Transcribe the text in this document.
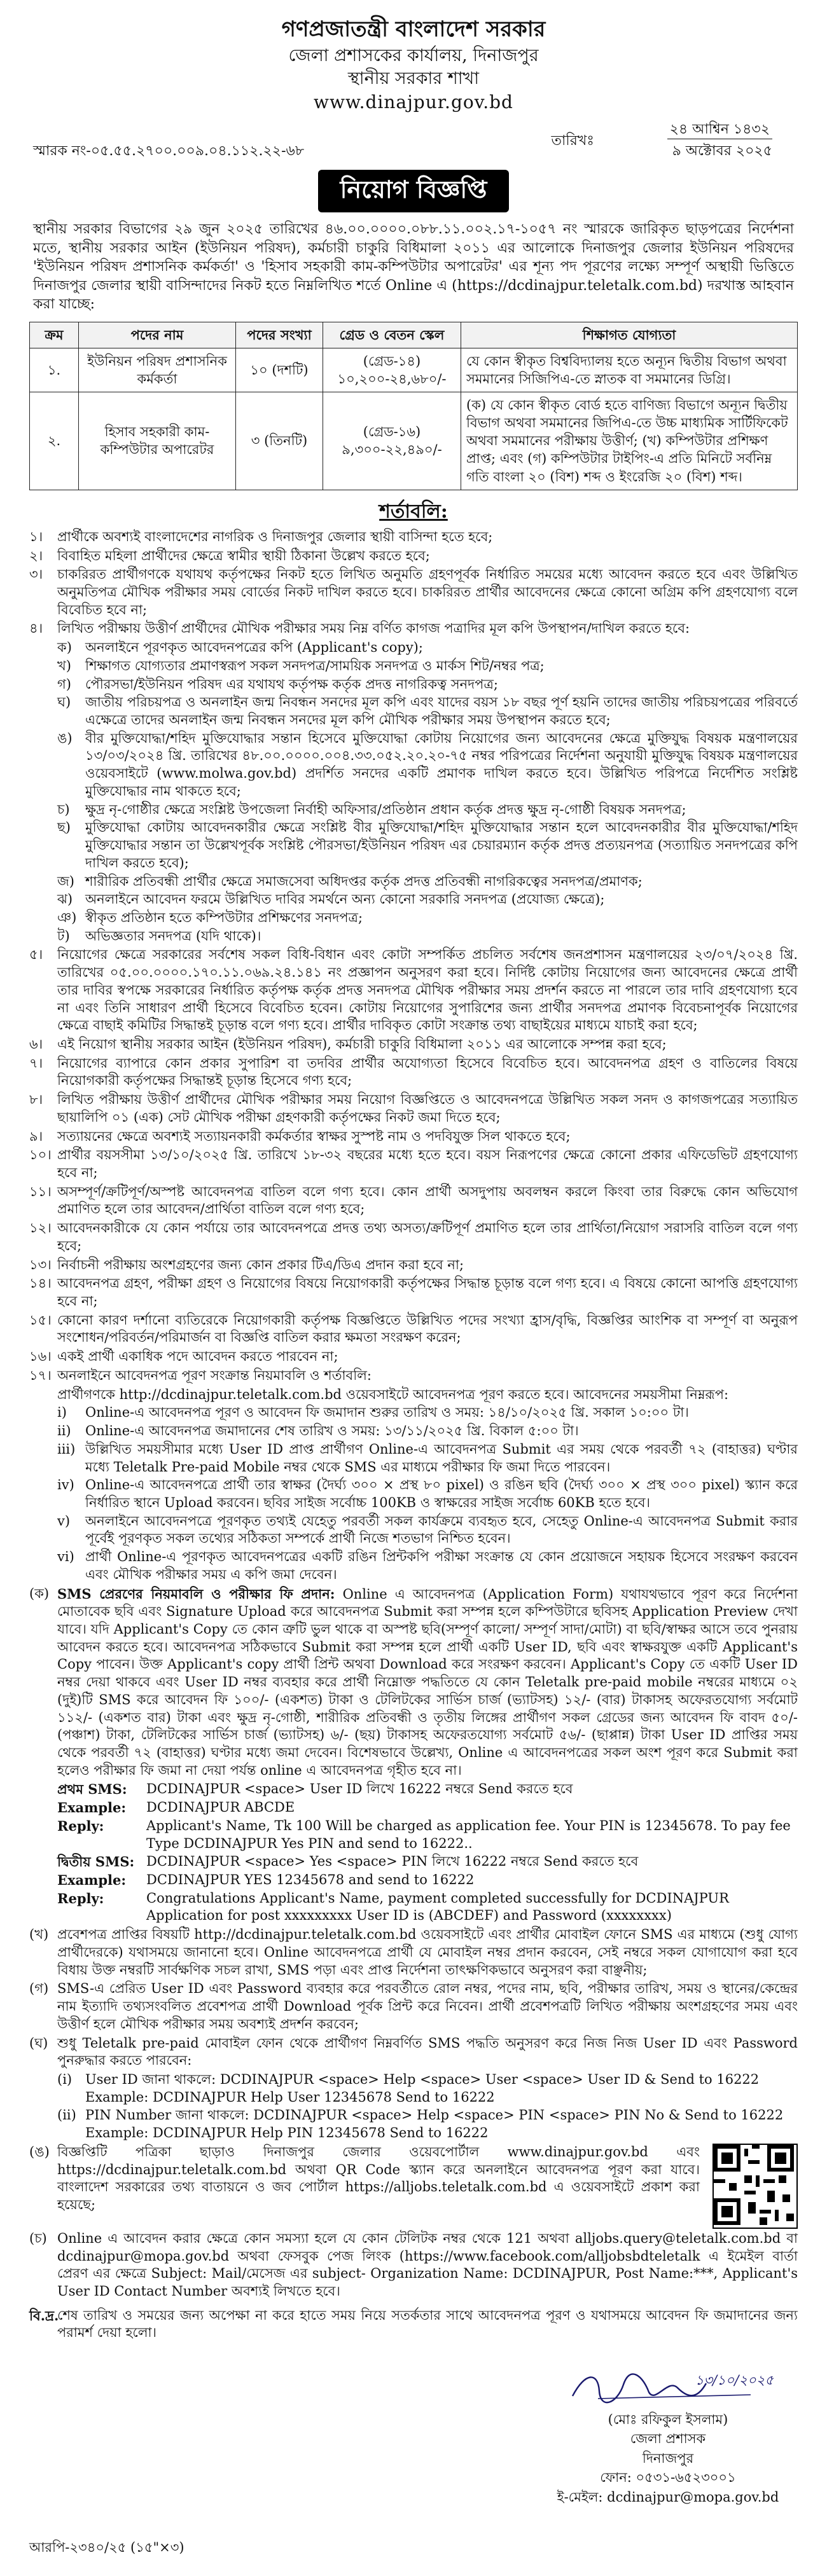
গণপ্রজাতন্ত্রী বাংলাদেশ সরকার
জেলা প্রশাসকের কার্যালয়, দিনাজপুর
স্থানীয় সরকার শাখা
www.dinajpur.gov.bd
স্মারক নং-০৫.৫৫.২৭০০.০০৯.০৪.১১২.২২-৬৮
তারিখঃ
২৪ আশ্বিন ১৪৩২
৯ অক্টোবর ২০২৫
নিয়োগ বিজ্ঞপ্তি
স্থানীয় সরকার বিভাগের ২৯ জুন ২০২৫ তারিখের ৪৬.০০.০০০০.০৮৮.১১.০০২.১৭-১০৫৭ নং স্মারকে জারিকৃত ছাড়পত্রের নির্দেশনা মতে, স্থানীয় সরকার আইন (ইউনিয়ন পরিষদ), কর্মচারী চাকুরি বিধিমালা ২০১১ এর আলোকে দিনাজপুর জেলার ইউনিয়ন পরিষদের 'ইউনিয়ন পরিষদ প্রশাসনিক কর্মকর্তা' ও 'হিসাব সহকারী কাম-কম্পিউটার অপারেটর' এর শূন্য পদ পূরণের লক্ষ্যে সম্পূর্ণ অস্থায়ী ভিত্তিতে দিনাজপুর জেলার স্থায়ী বাসিন্দাদের নিকট হতে নিম্নলিখিত শর্তে Online এ (https://dcdinajpur.teletalk.com.bd) দরখাস্ত আহবান করা যাচ্ছে:
ক্রম	পদের নাম	পদের সংখ্যা	গ্রেড ও বেতন স্কেল	শিক্ষাগত যোগ্যতা
১.	ইউনিয়ন পরিষদ প্রশাসনিক কর্মকর্তা	১০ (দশটি)	(গ্রেড-১৪) ১০,২০০-২৪,৬৮০/-	যে কোন স্বীকৃত বিশ্ববিদ্যালয় হতে অন্যূন দ্বিতীয় বিভাগ অথবা সমমানের সিজিপিএ-তে স্নাতক বা সমমানের ডিগ্রি।
২.	হিসাব সহকারী কাম-কম্পিউটার অপারেটর	৩ (তিনটি)	(গ্রেড-১৬) ৯,৩০০-২২,৪৯০/-	(ক) যে কোন স্বীকৃত বোর্ড হতে বাণিজ্য বিভাগে অন্যূন দ্বিতীয় বিভাগ অথবা সমমানের জিপিএ-তে উচ্চ মাধ্যমিক সার্টিফিকেট অথবা সমমানের পরীক্ষায় উত্তীর্ণ; (খ) কম্পিউটার প্রশিক্ষণ প্রাপ্ত; এবং (গ) কম্পিউটার টাইপিং-এ প্রতি মিনিটে সর্বনিম্ন গতি বাংলা ২০ (বিশ) শব্দ ও ইংরেজি ২০ (বিশ) শব্দ।
শর্তাবলি:
১।	প্রার্থীকে অবশ্যই বাংলাদেশের নাগরিক ও দিনাজপুর জেলার স্থায়ী বাসিন্দা হতে হবে;
২।	বিবাহিত মহিলা প্রার্থীদের ক্ষেত্রে স্বামীর স্থায়ী ঠিকানা উল্লেখ করতে হবে;
৩।	চাকরিরত প্রার্থীগণকে যথাযথ কর্তৃপক্ষের নিকট হতে লিখিত অনুমতি গ্রহণপূর্বক নির্ধারিত সময়ের মধ্যে আবেদন করতে হবে এবং উল্লিখিত অনুমতিপত্র মৌখিক পরীক্ষার সময় বোর্ডের নিকট দাখিল করতে হবে। চাকরিরত প্রার্থীর আবেদনের ক্ষেত্রে কোনো অগ্রিম কপি গ্রহণযোগ্য বলে বিবেচিত হবে না;
৪।	লিখিত পরীক্ষায় উত্তীর্ণ প্রার্থীদের মৌখিক পরীক্ষার সময় নিম্ন বর্ণিত কাগজ পত্রাদির মূল কপি উপস্থাপন/দাখিল করতে হবে:
ক)	অনলাইনে পূরণকৃত আবেদনপত্রের কপি (Applicant's copy);
খ)	শিক্ষাগত যোগ্যতার প্রমাণস্বরূপ সকল সনদপত্র/সাময়িক সনদপত্র ও মার্কস শিট/নম্বর পত্র;
গ)	পৌরসভা/ইউনিয়ন পরিষদ এর যথাযথ কর্তৃপক্ষ কর্তৃক প্রদত্ত নাগরিকত্ব সনদপত্র;
ঘ)	জাতীয় পরিচয়পত্র ও অনলাইন জন্ম নিবন্ধন সনদের মূল কপি এবং যাদের বয়স ১৮ বছর পূর্ণ হয়নি তাদের জাতীয় পরিচয়পত্রের পরিবর্তে এক্ষেত্রে তাদের অনলাইন জন্ম নিবন্ধন সনদের মূল কপি মৌখিক পরীক্ষার সময় উপস্থাপন করতে হবে;
ঙ) বীর মুক্তিযোদ্ধা/শহিদ মুক্তিযোদ্ধার সন্তান হিসেবে মুক্তিযোদ্ধা কোটায় নিয়োগের জন্য আবেদনের ক্ষেত্রে মুক্তিযুদ্ধ বিষয়ক মন্ত্রণালয়ের ১৩/০৩/২০২৪ খ্রি. তারিখের ৪৮.০০.০০০০.০০৪.৩৩.০৫২.২০.২০-৭৫ নম্বর পরিপত্রের নির্দেশনা অনুযায়ী মুক্তিযুদ্ধ বিষয়ক মন্ত্রণালয়ের ওয়েবসাইটে (www.molwa.gov.bd) প্রদর্শিত সনদের একটি প্রমাণক দাখিল করতে হবে। উল্লিখিত পরিপত্রে নির্দেশিত সংশ্লিষ্ট মুক্তিযোদ্ধার নাম থাকতে হবে;
চ)	ক্ষুদ্র নৃ-গোষ্ঠীর ক্ষেত্রে সংশ্লিষ্ট উপজেলা নির্বাহী অফিসার/প্রতিষ্ঠান প্রধান কর্তৃক প্রদত্ত ক্ষুদ্র নৃ-গোষ্ঠী বিষয়ক সনদপত্র;
ছ)	মুক্তিযোদ্ধা কোটায় আবেদনকারীর ক্ষেত্রে সংশ্লিষ্ট বীর মুক্তিযোদ্ধা/শহিদ মুক্তিযোদ্ধার সন্তান হলে আবেদনকারীর বীর মুক্তিযোদ্ধা/শহিদ মুক্তিযোদ্ধার সন্তান তা উল্লেখপূর্বক সংশ্লিষ্ট পৌরসভা/ইউনিয়ন পরিষদ এর চেয়ারম্যান কর্তৃক প্রদত্ত প্রত্যয়নপত্র (সত্যায়িত সনদপত্রের কপি দাখিল করতে হবে);
জ) শারীরিক প্রতিবন্ধী প্রার্থীর ক্ষেত্রে সমাজসেবা অধিদপ্তর কর্তৃক প্রদত্ত প্রতিবন্ধী নাগরিকত্বের সনদপত্র/প্রমাণক;
ঝ) অনলাইনে আবেদন ফরমে উল্লিখিত দাবির সমর্থনে অন্য কোনো সরকারি সনদপত্র (প্রযোজ্য ক্ষেত্রে);
ঞ) স্বীকৃত প্রতিষ্ঠান হতে কম্পিউটার প্রশিক্ষণের সনদপত্র;
ট)	অভিজ্ঞতার সনদপত্র (যদি থাকে)।
৫।	নিয়োগের ক্ষেত্রে সরকারের সর্বশেষ সকল বিধি-বিধান এবং কোটা সম্পর্কিত প্রচলিত সর্বশেষ জনপ্রশাসন মন্ত্রণালয়ের ২৩/০৭/২০২৪ খ্রি. তারিখের ০৫.০০.০০০০.১৭০.১১.০৬৯.২৪.১৪১ নং প্রজ্ঞাপন অনুসরণ করা হবে। নির্দিষ্ট কোটায় নিয়োগের জন্য আবেদনের ক্ষেত্রে প্রার্থী তার দাবির স্বপক্ষে সরকারের নির্ধারিত কর্তৃপক্ষ কর্তৃক প্রদত্ত সনদপত্র মৌখিক পরীক্ষার সময় প্রদর্শন করতে না পারলে তার দাবি গ্রহণযোগ্য হবে না এবং তিনি সাধারণ প্রার্থী হিসেবে বিবেচিত হবেন। কোটায় নিয়োগের সুপারিশের জন্য প্রার্থীর সনদপত্র প্রমাণক বিবেচনাপূর্বক নিয়োগের ক্ষেত্রে বাছাই কমিটির সিদ্ধান্তই চূড়ান্ত বলে গণ্য হবে। প্রার্থীর দাবিকৃত কোটা সংক্রান্ত তথ্য বাছাইয়ের মাধ্যমে যাচাই করা হবে;
৬।	এই নিয়োগ স্থানীয় সরকার আইন (ইউনিয়ন পরিষদ), কর্মচারী চাকুরি বিধিমালা ২০১১ এর আলোকে সম্পন্ন করা হবে;
৭।	নিয়োগের ব্যাপারে কোন প্রকার সুপারিশ বা তদবির প্রার্থীর অযোগ্যতা হিসেবে বিবেচিত হবে। আবেদনপত্র গ্রহণ ও বাতিলের বিষয়ে নিয়োগকারী কর্তৃপক্ষের সিদ্ধান্তই চূড়ান্ত হিসেবে গণ্য হবে;
৮।	লিখিত পরীক্ষায় উত্তীর্ণ প্রার্থীদের মৌখিক পরীক্ষার সময় নিয়োগ বিজ্ঞপ্তিতে ও আবেদনপত্রে উল্লিখিত সকল সনদ ও কাগজপত্রের সত্যায়িত ছায়ালিপি ০১ (এক) সেট মৌখিক পরীক্ষা গ্রহণকারী কর্তৃপক্ষের নিকট জমা দিতে হবে;
৯।	সত্যায়নের ক্ষেত্রে অবশ্যই সত্যায়নকারী কর্মকর্তার স্বাক্ষর সুস্পষ্ট নাম ও পদবিযুক্ত সিল থাকতে হবে;
১০। প্রার্থীর বয়সসীমা ১৩/১০/২০২৫ খ্রি. তারিখে ১৮-৩২ বছরের মধ্যে হতে হবে। বয়স নিরূপণের ক্ষেত্রে কোনো প্রকার এফিডেভিট গ্রহণযোগ্য হবে না;
১১। অসম্পূর্ণ/ক্রটিপূর্ণ/অস্পষ্ট আবেদনপত্র বাতিল বলে গণ্য হবে। কোন প্রার্থী অসদুপায় অবলম্বন করলে কিংবা তার বিরুদ্ধে কোন অভিযোগ প্রমাণিত হলে তার আবেদন/প্রার্থিতা বাতিল বলে গণ্য হবে;
১২। আবেদনকারীকে যে কোন পর্যায়ে তার আবেদনপত্রে প্রদত্ত তথ্য অসত্য/ক্রটিপূর্ণ প্রমাণিত হলে তার প্রার্থিতা/নিয়োগ সরাসরি বাতিল বলে গণ্য হবে;
১৩। নির্বাচনী পরীক্ষায় অংশগ্রহণের জন্য কোন প্রকার টিএ/ডিএ প্রদান করা হবে না;
১৪। আবেদনপত্র গ্রহণ, পরীক্ষা গ্রহণ ও নিয়োগের বিষয়ে নিয়োগকারী কর্তৃপক্ষের সিদ্ধান্ত চূড়ান্ত বলে গণ্য হবে। এ বিষয়ে কোনো আপত্তি গ্রহণযোগ্য হবে না;
১৫। কোনো কারণ দর্শানো ব্যতিরেকে নিয়োগকারী কর্তৃপক্ষ বিজ্ঞপ্তিতে উল্লিখিত পদের সংখ্যা হ্রাস/বৃদ্ধি, বিজ্ঞপ্তির আংশিক বা সম্পূর্ণ বা অনুরূপ সংশোধন/পরিবর্তন/পরিমার্জন বা বিজ্ঞপ্তি বাতিল করার ক্ষমতা সংরক্ষণ করেন;
১৬। একই প্রার্থী একাধিক পদে আবেদন করতে পারবেন না;
১৭। অনলাইনে আবেদনপত্র পূরণ সংক্রান্ত নিয়মাবলি ও শর্তাবলি:
প্রার্থীগণকে http://dcdinajpur.teletalk.com.bd ওয়েবসাইটে আবেদনপত্র পূরণ করতে হবে। আবেদনের সময়সীমা নিম্নরূপ:
i)	Online-এ আবেদনপত্র পূরণ ও আবেদন ফি জমাদান শুরুর তারিখ ও সময়: ১৪/১০/২০২৫ খ্রি. সকাল ১০:০০ টা।
ii)	Online-এ আবেদনপত্র জমাদানের শেষ তারিখ ও সময়: ১৩/১১/২০২৫ খ্রি. বিকাল ৫:০০ টা।
iii) উল্লিখিত সময়সীমার মধ্যে User ID প্রাপ্ত প্রার্থীগণ Online-এ আবেদনপত্র Submit এর সময় থেকে পরবর্তী ৭২ (বাহাত্তর) ঘণ্টার মধ্যে Teletalk Pre-paid Mobile নম্বর থেকে SMS এর মাধ্যমে পরীক্ষার ফি জমা দিতে পারবেন।
iv) Online-এ আবেদনপত্রে প্রার্থী তার স্বাক্ষর (দৈর্ঘ্য ৩০০ × প্রস্থ ৮০ pixel) ও রঙিন ছবি (দৈর্ঘ্য ৩০০ × প্রস্থ ৩০০ pixel) স্ক্যান করে নির্ধারিত স্থানে Upload করবেন। ছবির সাইজ সর্বোচ্চ 100KB ও স্বাক্ষরের সাইজ সর্বোচ্চ 60KB হতে হবে।
v)	অনলাইনে আবেদনপত্রে পূরণকৃত তথ্যই যেহেতু পরবর্তী সকল কার্যক্রমে ব্যবহৃত হবে, সেহেতু Online-এ আবেদনপত্র Submit করার পূর্বেই পূরণকৃত সকল তথ্যের সঠিকতা সম্পর্কে প্রার্থী নিজে শতভাগ নিশ্চিত হবেন।
vi) প্রার্থী Online-এ পূরণকৃত আবেদনপত্রের একটি রঙিন প্রিন্টকপি পরীক্ষা সংক্রান্ত যে কোন প্রয়োজনে সহায়ক হিসেবে সংরক্ষণ করবেন এবং মৌখিক পরীক্ষার সময় এ কপি জমা দেবেন।
(ক) SMS প্রেরণের নিয়মাবলি ও পরীক্ষার ফি প্রদান: Online এ আবেদনপত্র (Application Form) যথাযথভাবে পূরণ করে নির্দেশনা মোতাবেক ছবি এবং Signature Upload করে আবেদনপত্র Submit করা সম্পন্ন হলে কম্পিউটারে ছবিসহ Application Preview দেখা যাবে। যদি Applicant's Copy তে কোন ত্রুটি ভুল থাকে বা অস্পষ্ট ছবি(সম্পূর্ণ কালো/ সম্পূর্ণ সাদা/মোটা) বা ছবি/স্বাক্ষর আসে তবে পুনরায় আবেদন করতে হবে। আবেদনপত্র সঠিকভাবে Submit করা সম্পন্ন হলে প্রার্থী একটি User ID, ছবি এবং স্বাক্ষরযুক্ত একটি Applicant's Copy পাবেন। উক্ত Applicant's copy প্রার্থী প্রিন্ট অথবা Download করে সংরক্ষণ করবেন। Applicant's Copy তে একটি User ID নম্বর দেয়া থাকবে এবং User ID নম্বর ব্যবহার করে প্রার্থী নিম্নোক্ত পদ্ধতিতে যে কোন Teletalk pre-paid mobile নম্বরের মাধ্যমে ০২ (দুই)টি SMS করে আবেদন ফি ১০০/- (একশত) টাকা ও টেলিটকের সার্ভিস চার্জ (ভ্যাটসহ) ১২/- (বার) টাকাসহ অফেরতযোগ্য সর্বমোট ১১২/- (একশত বার) টাকা এবং ক্ষুদ্র নৃ-গোষ্ঠী, শারীরিক প্রতিবন্ধী ও তৃতীয় লিঙ্গের প্রার্থীগণ সকল গ্রেডের জন্য আবেদন ফি বাবদ ৫০/- (পঞ্চাশ) টাকা, টেলিটকের সার্ভিস চার্জ (ভ্যাটসহ) ৬/- (ছয়) টাকাসহ অফেরতযোগ্য সর্বমোট ৫৬/- (ছাপ্পান্ন) টাকা User ID প্রাপ্তির সময় থেকে পরবর্তী ৭২ (বাহাত্তর) ঘণ্টার মধ্যে জমা দেবেন। বিশেষভাবে উল্লেখ্য, Online এ আবেদনপত্রের সকল অংশ পূরণ করে Submit করা হলেও পরীক্ষার ফি জমা না দেয়া পর্যন্ত online এ আবেদনপত্র গৃহীত হবে না।
প্রথম SMS:	DCDINAJPUR <space> User ID লিখে 16222 নম্বরে Send করতে হবে
Example:	DCDINAJPUR ABCDE
Reply:	Applicant's Name, Tk 100 Will be charged as application fee. Your PIN is 12345678. To pay fee Type DCDINAJPUR Yes PIN and send to 16222..
দ্বিতীয় SMS: DCDINAJPUR <space> Yes <space> PIN লিখে 16222 নম্বরে Send করতে হবে
Example:	DCDINAJPUR YES 12345678 and send to 16222
Reply:	Congratulations Applicant's Name, payment completed successfully for DCDINAJPUR Application for post xxxxxxxxx User ID is (ABCDEF) and Password (xxxxxxxx)
(খ) প্রবেশপত্র প্রাপ্তির বিষয়টি http://dcdinajpur.teletalk.com.bd ওয়েবসাইটে এবং প্রার্থীর মোবাইল ফোনে SMS এর মাধ্যমে (শুধু যোগ্য প্রার্থীদেরকে) যথাসময়ে জানানো হবে। Online আবেদনপত্রে প্রার্থী যে মোবাইল নম্বর প্রদান করবেন, সেই নম্বরে সকল যোগাযোগ করা হবে বিধায় উক্ত নম্বরটি সার্বক্ষণিক সচল রাখা, SMS পড়া এবং প্রাপ্ত নির্দেশনা তাৎক্ষণিকভাবে অনুসরণ করা বাঞ্ছনীয়;
(গ) SMS-এ প্রেরিত User ID এবং Password ব্যবহার করে পরবর্তীতে রোল নম্বর, পদের নাম, ছবি, পরীক্ষার তারিখ, সময় ও স্থানের/কেন্দ্রের নাম ইত্যাদি তথ্যসংবলিত প্রবেশপত্র প্রার্থী Download পূর্বক প্রিন্ট করে নিবেন। প্রার্থী প্রবেশপত্রটি লিখিত পরীক্ষায় অংশগ্রহণের সময় এবং উত্তীর্ণ হলে মৌখিক পরীক্ষার সময় অবশ্যই প্রদর্শন করবেন;
(ঘ) শুধু Teletalk pre-paid মোবাইল ফোন থেকে প্রার্থীগণ নিম্নবর্ণিত SMS পদ্ধতি অনুসরণ করে নিজ নিজ User ID এবং Password পুনরুদ্ধার করতে পারবেন:
(i) User ID জানা থাকলে: DCDINAJPUR <space> Help <space> User <space> User ID & Send to 16222
Example: DCDINAJPUR Help User 12345678 Send to 16222
(ii) PIN Number জানা থাকলে: DCDINAJPUR <space> Help <space> PIN <space> PIN No & Send to 16222
Example: DCDINAJPUR Help PIN 12345678 Send to 16222
(ঙ) বিজ্ঞপ্তিটি পত্রিকা ছাড়াও দিনাজপুর জেলার ওয়েবপোর্টাল www.dinajpur.gov.bd এবং https://dcdinajpur.teletalk.com.bd অথবা QR Code স্ক্যান করে অনলাইনে আবেদনপত্র পূরণ করা যাবে। বাংলাদেশ সরকারের তথ্য বাতায়নে ও জব পোর্টাল https://alljobs.teletalk.com.bd এ ওয়েবসাইটে প্রকাশ করা হয়েছে;
(চ) Online এ আবেদন করার ক্ষেত্রে কোন সমস্যা হলে যে কোন টেলিটক নম্বর থেকে 121 অথবা alljobs.query@teletalk.com.bd বা dcdinajpur@mopa.gov.bd অথবা ফেসবুক পেজ লিংক (https://www.facebook.com/alljobsbdteletalk এ ইমেইল বার্তা প্রেরণ এর ক্ষেত্রে Subject: Mail/মেসেজ এর subject- Organization Name: DCDINAJPUR, Post Name:***, Applicant's User ID Contact Number অবশ্যই লিখতে হবে।
বি.দ্র.
শেষ তারিখ ও সময়ের জন্য অপেক্ষা না করে হাতে সময় নিয়ে সতর্কতার সাথে আবেদনপত্র পূরণ ও যথাসময়ে আবেদন ফি জমাদানের জন্য পরামর্শ দেয়া হলো।
১৩/১০/২০২৫
(মোঃ রফিকুল ইসলাম)
জেলা প্রশাসক
দিনাজপুর
ফোন: ০৫৩১-৬৫২৩০০১
ই-মেইল: dcdinajpur@mopa.gov.bd
আরপি-২৩৪০/২৫ (১৫"×৩)
